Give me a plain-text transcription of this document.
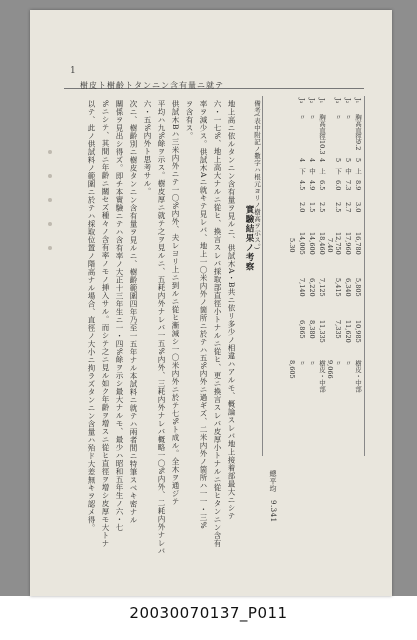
1
樹皮ト樹齡トタンニン含有量ニ就テ
備考(表中附記ノ數字ハ根元ヨリノ樹高ヲ示ス。)	J₁
胸高直徑9.2
5
上
8.9
3.0
16,780
5,805
10,985
樹皮・中部
J₂
〃
5
中
7.3
2.7
17,960
6,340
11,620
〃
J₃
〃
5
下
6.0
2.5
12,750
5,415
7,335
〃
J₁
胸高直徑10.3
4
上
6.5
2.5
18,460
7,125
11,335
樹皮・中部
J₂
〃
4
中
4.9
1.5
14,600
6,220
8,380
〃
J₃
〃
4
下
4.5
2.0
14,005
7,140
6,865
〃
7.40
9,066
5.30
8,605
總平均
9.341
實驗結果ノ考察
地上高ニ依ルタンニン含有量ヲ見ルニ、供試木A・B共ニ依リ多少ノ相違ハアルモ、概論スレバ地上接着部最大ニシテ
六・一七%、地上高大ナルニ從ヒ、換言スレバ採取部直徑小トナルニ從ヒ、更ニ換言スレバ皮厚小トナルニ從ヒタンニン含有
率ヲ減少ス。供試木Aニ就キテ見レバ、地上一〇米内外ノ箇所ニ於テハ五%内外ニ過ギズ、二米内外ノ箇所ハ一一・三%
ヲ含有ス。
供試木Bハ三米内外ニテ一〇%内外、夫レヨリ上ニ到ルニ從ヒ漸減シ一〇米内外ニ於テ七%ト成ル。全木ヲ通ジテ
平均ハ九%餘ヲ示ス。樹皮厚ニ就テ之ヲ見ルニ、五耗内外ナレバ一五%内外、三耗内外ナレバ概略一〇%内外、二耗内外ナレバ
六・五%内外ト思考サル。
次ニ、樹齡別ニ樹皮タンニン含有量ヲ見ルニ、樹齡範圍四年乃至一五年ナル本試料ニ就テハ兩者間ニ特筆スベキ密ナル
關係ヲ見出シ得ズ。即チ本實驗ニテハ含有率ノ大正十三年生ニ一・四%餘ヲ示シ最大ナルモ、最少ハ昭和五年生ノ六・七
%ニシテ、其間ニ年齡ニ關セズ種々ノ含有率ノモノ挿入サル。而シテ之ニ見ル如ク年齡ヲ增スニ從ヒ直徑ヲ增シ皮厚モ大トナ
以テ、此ノ供試料ノ範圍ニ於テハ採取位置ノ階高ナル場合、直徑ノ大小ニ拘ラズタンニン含量ハ殆ド大差無キヲ認メ得。
20030070137_P011
